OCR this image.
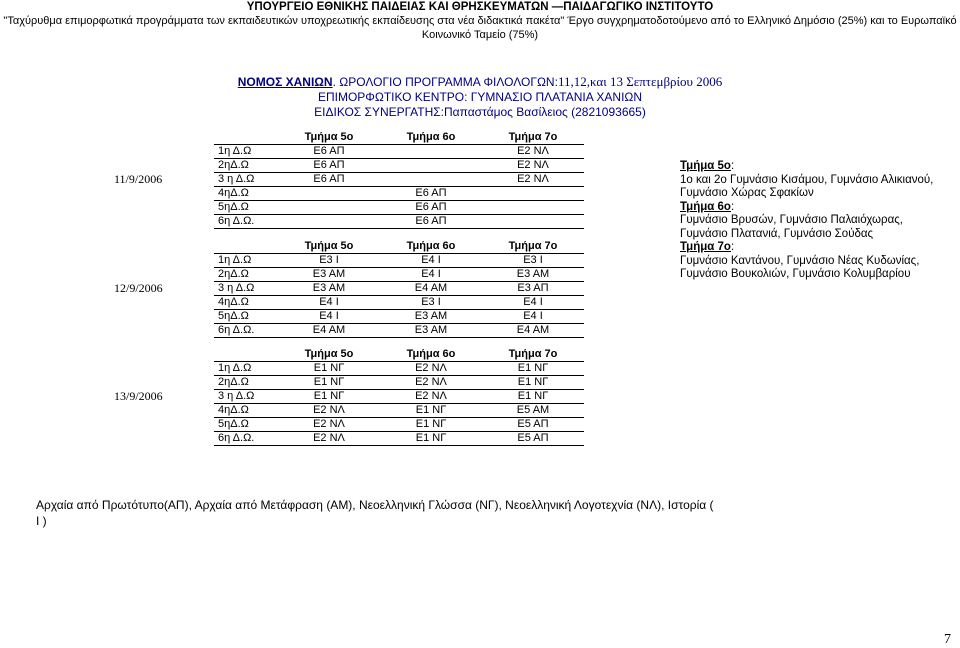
ΥΠΟΥΡΓΕΙΟ ΕΘΝΙΚΗΣ ΠΑΙΔΕΙΑΣ ΚΑΙ ΘΡΗΣΚΕΥΜΑΤΩΝ —ΠΑΙΔΑΓΩΓΙΚΟ ΙΝΣΤΙΤΟΥΤΟ
"Ταχύρυθμα επιμορφωτικά προγράμματα των εκπαιδευτικών υποχρεωτικής εκπαίδευσης στα νέα διδακτικά πακέτα" Έργο συγχρηματοδοτούμενο από το Ελληνικό Δημόσιο (25%) και το Ευρωπαϊκό
Κοινωνικό Ταμείο (75%)
ΝΟΜΟΣ ΧΑΝΙΩΝ. ΩΡΟΛΟΓΙΟ ΠΡΟΓΡΑΜΜΑ ΦΙΛΟΛΟΓΩΝ:11,12,και 13 Σεπτεμβρίου 2006
ΕΠΙΜΟΡΦΩΤΙΚΟ ΚΕΝΤΡΟ: ΓΥΜΝΑΣΙΟ ΠΛΑΤΑΝΙΑ ΧΑΝΙΩΝ
ΕΙΔΙΚΟΣ ΣΥΝΕΡΓΑΤΗΣ:Παπαστάμος Βασίλειος (2821093665)
		Τμήμα 5ο	Τμήμα 6ο	Τμήμα 7ο
	1η Δ.Ω	Ε6 ΑΠ		Ε2 ΝΛ
	2ηΔ.Ω	Ε6 ΑΠ		Ε2 ΝΛ
11/9/2006	3 η Δ.Ω	Ε6 ΑΠ		Ε2 ΝΛ
	4ηΔ.Ω		Ε6 ΑΠ	
	5ηΔ.Ω		Ε6 ΑΠ	
	6η Δ.Ω.		Ε6 ΑΠ	
		Τμήμα 5ο	Τμήμα 6ο	Τμήμα 7ο
	1η Δ.Ω	Ε3 Ι	Ε4 Ι	Ε3 Ι
	2ηΔ.Ω	Ε3 ΑΜ	Ε4 Ι	Ε3 ΑΜ
12/9/2006	3 η Δ.Ω	Ε3 ΑΜ	Ε4 ΑΜ	Ε3 ΑΠ
	4ηΔ.Ω	Ε4 Ι	Ε3 Ι	Ε4 Ι
	5ηΔ.Ω	Ε4 Ι	Ε3 ΑΜ	Ε4 Ι
	6η Δ.Ω.	Ε4 ΑΜ	Ε3 ΑΜ	Ε4 ΑΜ
		Τμήμα 5ο	Τμήμα 6ο	Τμήμα 7ο
	1η Δ.Ω	Ε1 ΝΓ	Ε2 ΝΛ	Ε1 ΝΓ
	2ηΔ.Ω	Ε1 ΝΓ	Ε2 ΝΛ	Ε1 ΝΓ
13/9/2006	3 η Δ.Ω	Ε1 ΝΓ	Ε2 ΝΛ	Ε1 ΝΓ
	4ηΔ.Ω	Ε2 ΝΛ	Ε1 ΝΓ	Ε5 ΑΜ
	5ηΔ.Ω	Ε2 ΝΛ	Ε1 ΝΓ	Ε5 ΑΠ
	6η Δ.Ω.	Ε2 ΝΛ	Ε1 ΝΓ	Ε5 ΑΠ
Τμήμα 5ο:
1ο και 2ο Γυμνάσιο Κισάμου, Γυμνάσιο Αλικιανού, Γυμνάσιο Χώρας Σφακίων
Τμήμα 6ο:
Γυμνάσιο Βρυσών, Γυμνάσιο Παλαιόχωρας, Γυμνάσιο Πλατανιά, Γυμνάσιο Σούδας
Τμήμα 7ο:
Γυμνάσιο Καντάνου, Γυμνάσιο Νέας Κυδωνίας, Γυμνάσιο Βουκολιών, Γυμνάσιο Κολυμβαρίου
Αρχαία από Πρωτότυπο(ΑΠ), Αρχαία από Μετάφραση (ΑΜ), Νεοελληνική Γλώσσα (ΝΓ), Νεοελληνική Λογοτεχνία (ΝΛ), Ιστορία ( Ι )
7
